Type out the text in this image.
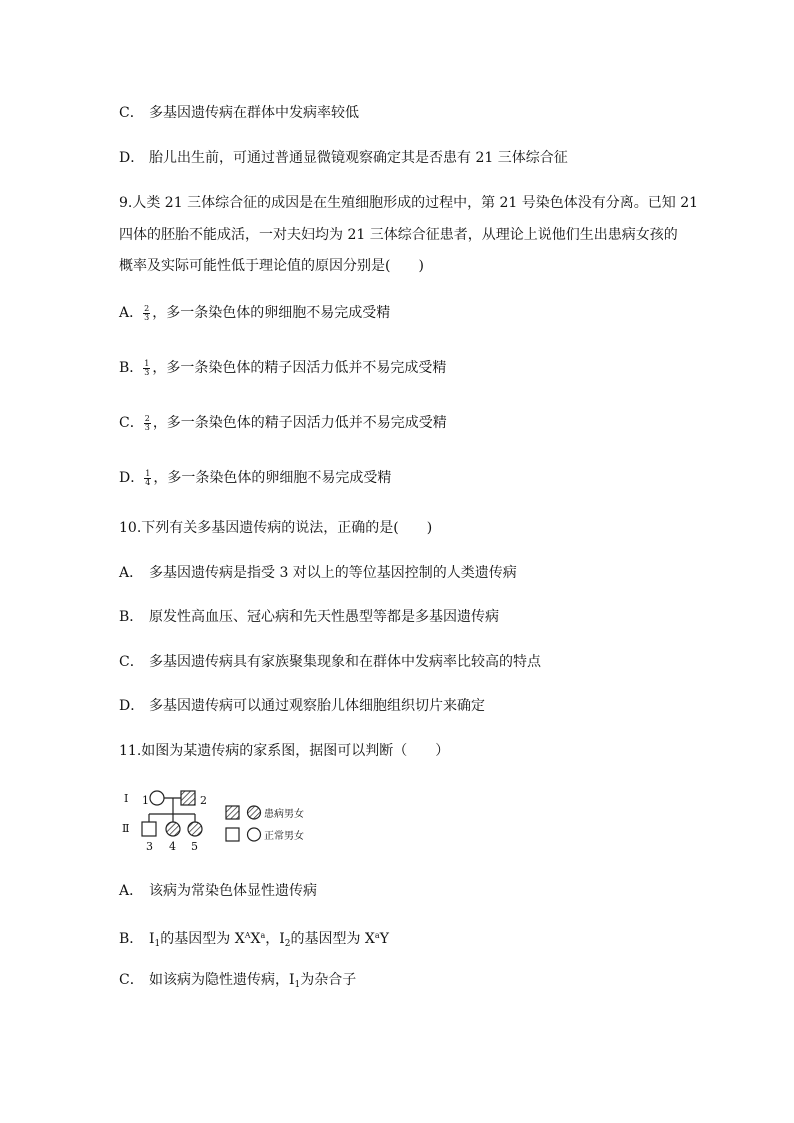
C． 多基因遗传病在群体中发病率较低
D． 胎儿出生前，可通过普通显微镜观察确定其是否患有 21 三体综合征
9.人类 21 三体综合征的成因是在生殖细胞形成的过程中，第 21 号染色体没有分离。已知 21
四体的胚胎不能成活，一对夫妇均为 21 三体综合征患者，从理论上说他们生出患病女孩的
概率及实际可能性低于理论值的原因分别是(　　)
A． $\frac{2}{3}$ ，多一条染色体的卵细胞不易完成受精
B． $\frac{1}{3}$ ，多一条染色体的精子因活力低并不易完成受精
C． $\frac{2}{3}$ ，多一条染色体的精子因活力低并不易完成受精
D． $\frac{1}{4}$ ，多一条染色体的卵细胞不易完成受精
10.下列有关多基因遗传病的说法，正确的是(　　)
A． 多基因遗传病是指受 3 对以上的等位基因控制的人类遗传病
B． 原发性高血压、冠心病和先天性愚型等都是多基因遗传病
C． 多基因遗传病具有家族聚集现象和在群体中发病率比较高的特点
D． 多基因遗传病可以通过观察胎儿体细胞组织切片来确定
11.如图为某遗传病的家系图，据图可以判断（　　）
I
Ⅱ
1	2
3 4 5
患病男女
正常男女
A． 该病为常染色体显性遗传病
B． $I_1$的基因型为 $X^AX^a$，$I_2$的基因型为 $X^aY$
C． 如该病为隐性遗传病，$I_1$为杂合子
